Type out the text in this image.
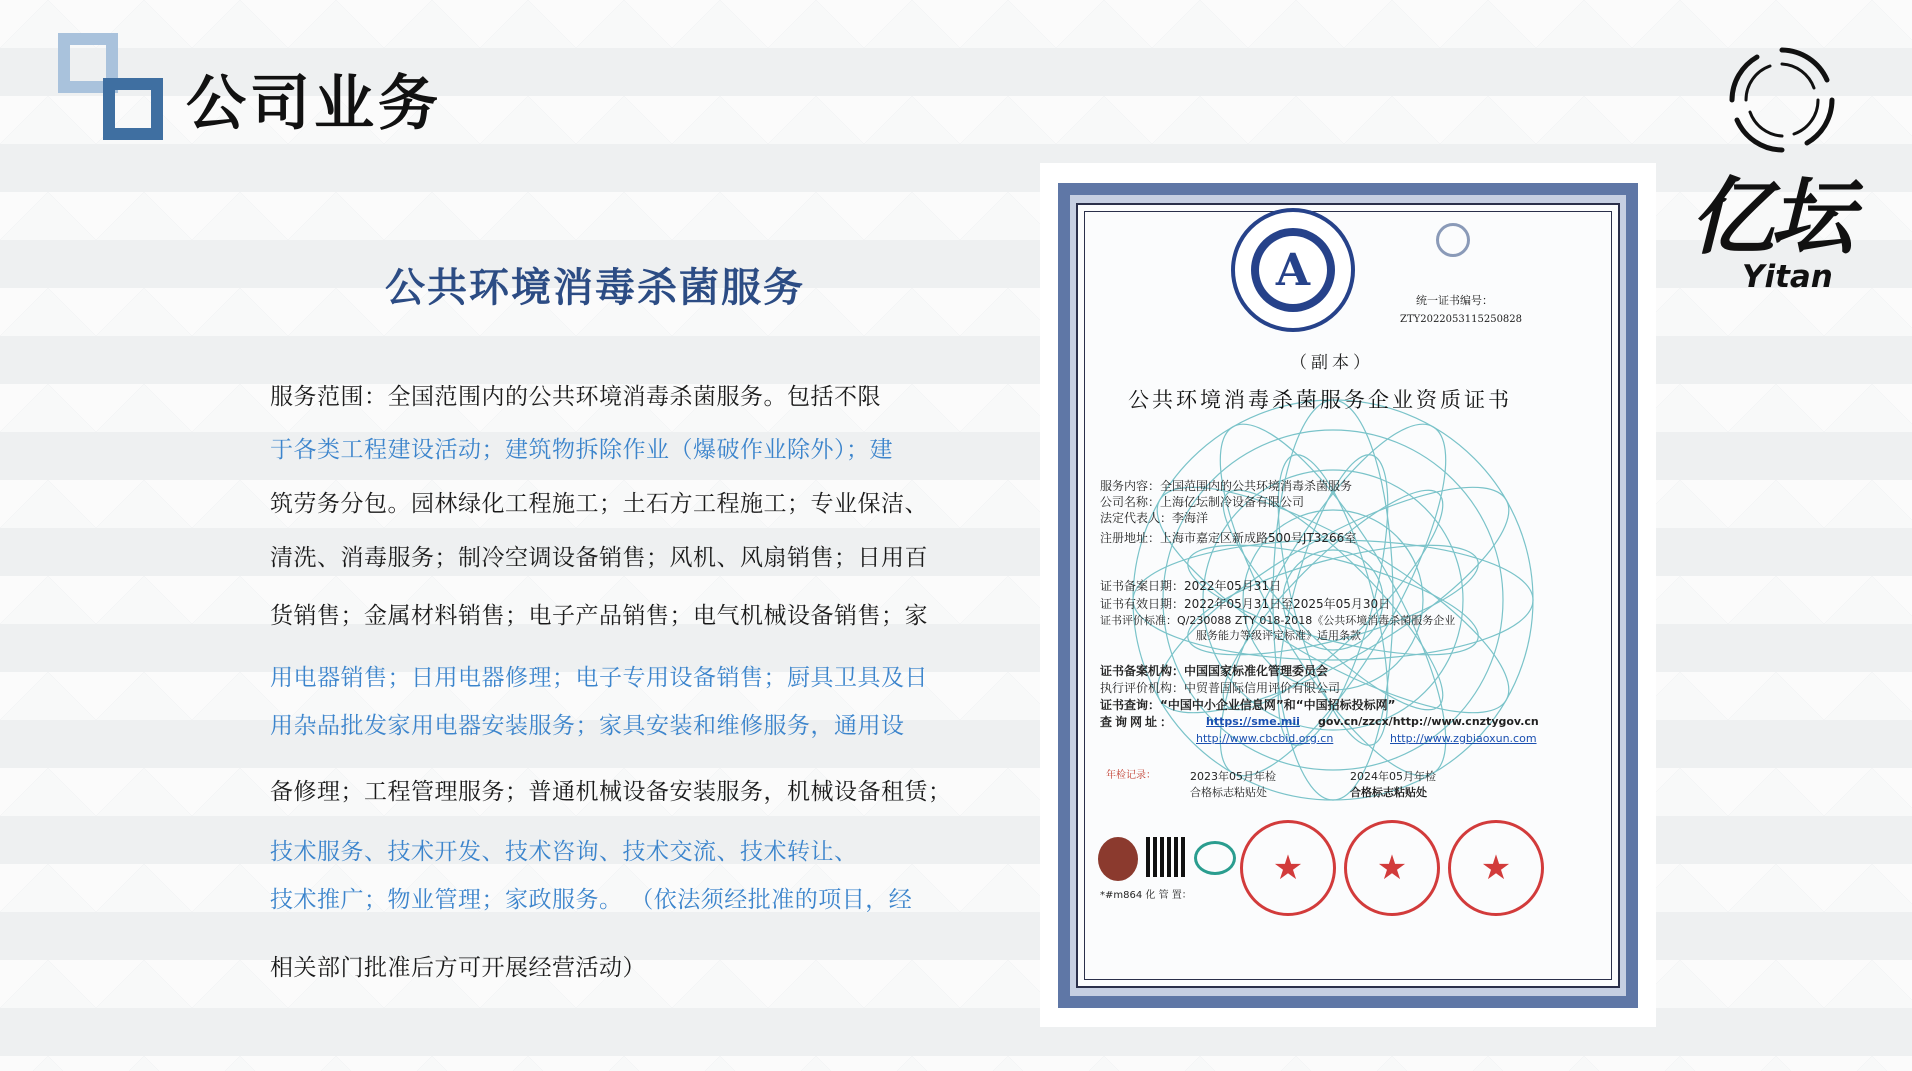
公司业务
亿坛
Yitan
公共环境消毒杀菌服务
服务范围：全国范围内的公共环境消毒杀菌服务。包括不限
于各类工程建设活动；建筑物拆除作业（爆破作业除外）；建
筑劳务分包。园林绿化工程施工；土石方工程施工；专业保洁、
清洗、消毒服务；制冷空调设备销售；风机、风扇销售；日用百
货销售；金属材料销售；电子产品销售；电气机械设备销售；家
用电器销售；日用电器修理；电子专用设备销售；厨具卫具及日
用杂品批发家用电器安装服务；家具安装和维修服务，通用设
备修理；工程管理服务；普通机械设备安装服务，机械设备租赁；
技术服务、技术开发、技术咨询、技术交流、技术转让、
技术推广；物业管理；家政服务。 （依法须经批准的项目，经
相关部门批准后方可开展经营活动）
A
统一证书编号：
ZTY2022053115250828
（副本）
公共环境消毒杀菌服务企业资质证书
服务内容：全国范围内的公共环境消毒杀菌服务
公司名称：上海亿坛制冷设备有限公司
法定代表人：李海洋
注册地址：上海市嘉定区新成路500号JT3266室
证书备案日期：2022年05月31日
证书有效日期：2022年05月31日至2025年05月30日
证书评价标准：Q/230088 ZTY 018-2018《公共环境消毒杀菌服务企业
服务能力等级评定标准》适用条款
证书备案机构：中国国家标准化管理委员会
执行评价机构：中贸普国际信用评价有限公司
证书查询：“中国中小企业信息网”和“中国招标投标网”
查询网址：	https://sme.mii gov.cn/zzcx/http://www.cnztygov.cn
http://www.cbcbid.org.cn	http://www.zgbiaoxun.com
年检记录：	2023年05月年检
合格标志粘贴处
2024年05月年检
合格标志粘贴处
★	★	★
*#m864 化 管 置：
